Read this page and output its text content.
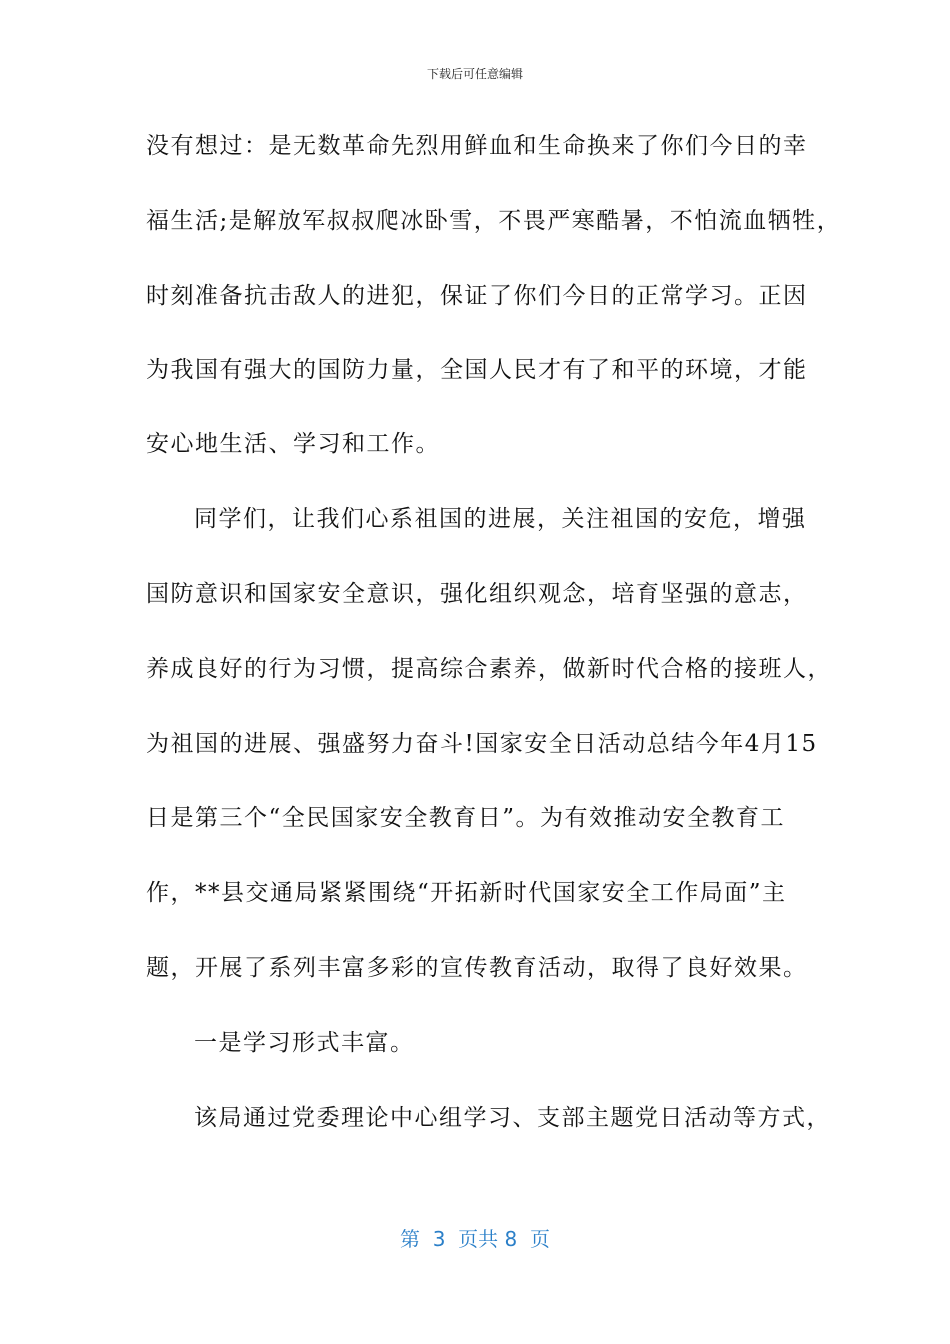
下载后可任意编辑
没有想过：是无数革命先烈用鲜血和生命换来了你们今日的幸
福生活;是解放军叔叔爬冰卧雪，不畏严寒酷暑，不怕流血牺牲，
时刻准备抗击敌人的进犯，保证了你们今日的正常学习。正因
为我国有强大的国防力量，全国人民才有了和平的环境，才能
安心地生活、学习和工作。
同学们，让我们心系祖国的进展，关注祖国的安危，增强
国防意识和国家安全意识，强化组织观念，培育坚强的意志，
养成良好的行为习惯，提高综合素养，做新时代合格的接班人，
为祖国的进展、强盛努力奋斗!国家安全日活动总结今年4月15
日是第三个“全民国家安全教育日”。为有效推动安全教育工
作，**县交通局紧紧围绕“开拓新时代国家安全工作局面”主
题，开展了系列丰富多彩的宣传教育活动，取得了良好效果。
一是学习形式丰富。
该局通过党委理论中心组学习、支部主题党日活动等方式，
第  3  页共 8  页
